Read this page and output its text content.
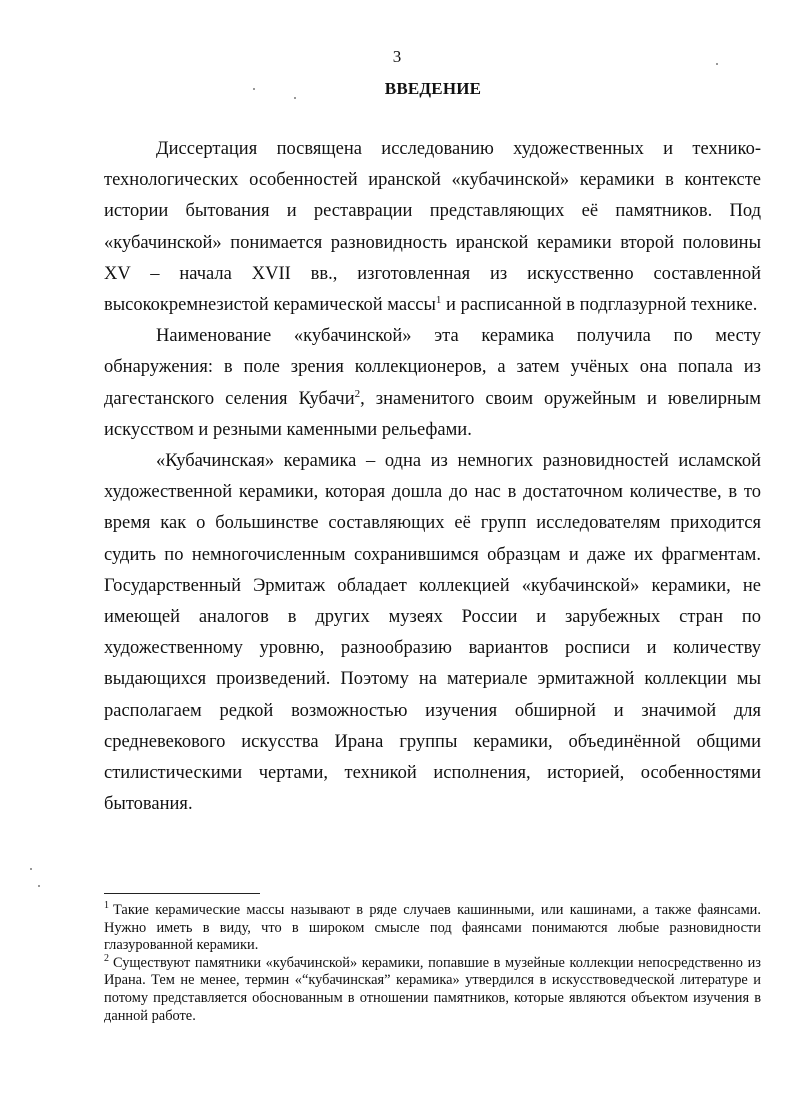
3
ВВЕДЕНИЕ

Диссертация посвящена исследованию художественных и технико-технологических особенностей иранской «кубачинской» керамики в контексте истории бытования и реставрации представляющих её памятников. Под «кубачинской» понимается разновидность иранской керамики второй половины XV – начала XVII вв., изготовленная из искусственно составленной высококремнезистой керамической массы$^1$ и расписанной в подглазурной технике.

Наименование «кубачинской» эта керамика получила по месту обнаружения: в поле зрения коллекционеров, а затем учёных она попала из дагестанского селения Кубачи$^2$, знаменитого своим оружейным и ювелирным искусством и резными каменными рельефами.

«Кубачинская» керамика – одна из немногих разновидностей исламской художественной керамики, которая дошла до нас в достаточном количестве, в то время как о большинстве составляющих её групп исследователям приходится судить по немногочисленным сохранившимся образцам и даже их фрагментам. Государственный Эрмитаж обладает коллекцией «кубачинской» керамики, не имеющей аналогов в других музеях России и зарубежных стран по художественному уровню, разнообразию вариантов росписи и количеству выдающихся произведений. Поэтому на материале эрмитажной коллекции мы располагаем редкой возможностью изучения обширной и значимой для средневекового искусства Ирана группы керамики, объединённой общими стилистическими чертами, техникой исполнения, историей, особенностями бытования.

$^1$ Такие керамические массы называют в ряде случаев кашинными, или кашинами, а также фаянсами. Нужно иметь в виду, что в широком смысле под фаянсами понимаются любые разновидности глазурованной керамики.

$^2$ Существуют памятники «кубачинской» керамики, попавшие в музейные коллекции непосредственно из Ирана. Тем не менее, термин «“кубачинская” керамика» утвердился в искусствоведческой литературе и потому представляется обоснованным в отношении памятников, которые являются объектом изучения в данной работе.
